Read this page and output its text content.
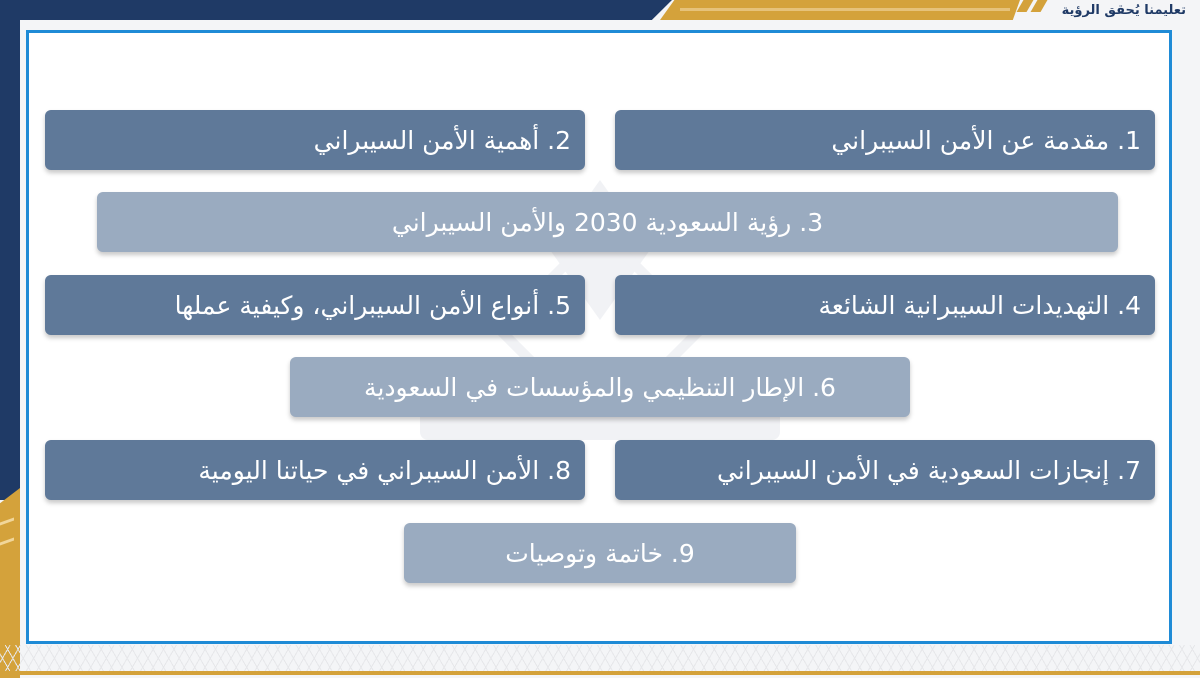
تعليمنا يُحقق الرؤية
1. مقدمة عن الأمن السيبراني
2. أهمية الأمن السيبراني
3. رؤية السعودية 2030 والأمن السيبراني
4. التهديدات السيبرانية الشائعة
5. أنواع الأمن السيبراني، وكيفية عملها
6. الإطار التنظيمي والمؤسسات في السعودية
7. إنجازات السعودية في الأمن السيبراني
8. الأمن السيبراني في حياتنا اليومية
9. خاتمة وتوصيات
